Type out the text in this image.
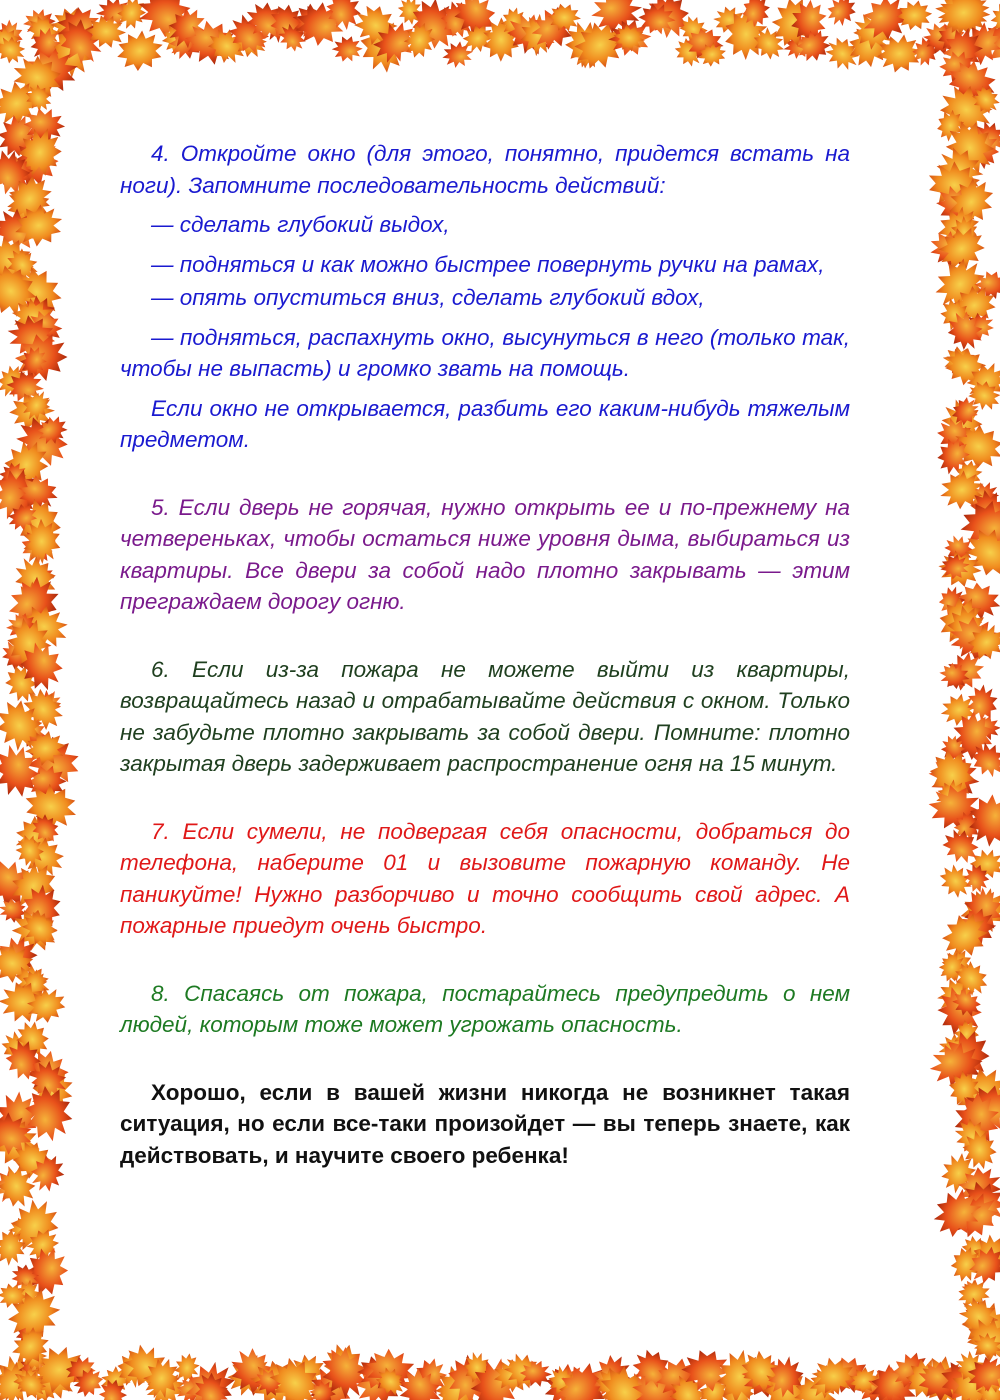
4. Откройте окно (для этого, понятно, придется встать на ноги). Запомните последовательность действий:

— сделать глубокий выдох,

— подняться и как можно быстрее повернуть ручки на рамах,

— опять опуститься вниз, сделать глубокий вдох,

— подняться, распахнуть окно, высунуться в него (только так, чтобы не выпасть) и громко звать на помощь.

Если окно не открывается, разбить его каким-нибудь тяжелым предметом.

5. Если дверь не горячая, нужно открыть ее и по-прежнему на четвереньках, чтобы остаться ниже уровня дыма, выбираться из квартиры. Все двери за собой надо плотно закрывать — этим преграждаем дорогу огню.

6. Если из-за пожара не можете выйти из квартиры, возвращайтесь назад и отрабатывайте действия с окном. Только не забудьте плотно закрывать за собой двери. Помните: плотно закрытая дверь задерживает распространение огня на 15 минут.

7. Если сумели, не подвергая себя опасности, добраться до телефона, наберите 01 и вызовите пожарную команду. Не паникуйте! Нужно разборчиво и точно сообщить свой адрес. А пожарные приедут очень быстро.

8. Спасаясь от пожара, постарайтесь предупредить о нем людей, которым тоже может угрожать опасность.

Хорошо, если в вашей жизни никогда не возникнет такая ситуация, но если все-таки произойдет — вы теперь знаете, как действовать, и научите своего ребенка!
